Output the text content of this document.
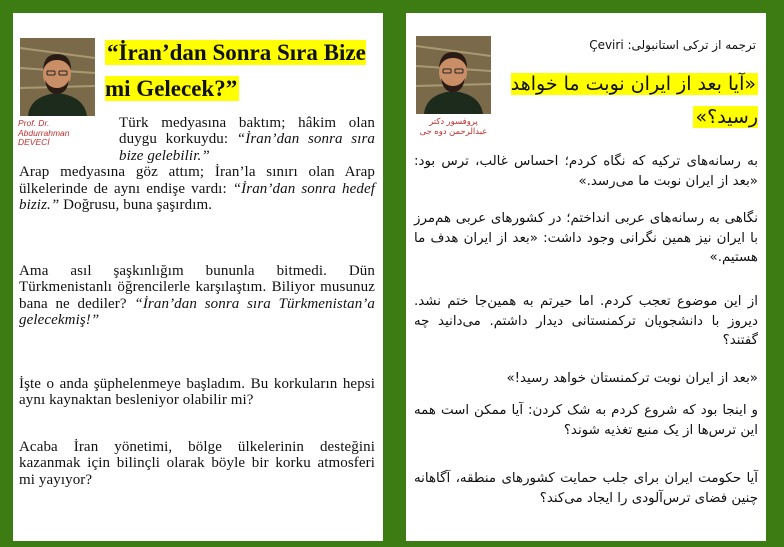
Prof. Dr.
Abdurrahman
DEVECİ
“İran’dan Sonra Sıra Bize mi Gelecek?”
Türk medyasına baktım; hâkim olan duygu korkuydu: “İran’dan sonra sıra bize gelebilir.”
Arap medyasına göz attım; İran’la sınırı olan Arap ülkelerinde de aynı endişe vardı: “İran’dan sonra hedef biziz.” Doğrusu, buna şaşırdım.
Ama asıl şaşkınlığım bununla bitmedi. Dün Türkmenistanlı öğrencilerle karşılaştım. Biliyor musunuz bana ne dediler? “İran’dan sonra sıra Türkmenistan’a gelecekmiş!”
İşte o anda şüphelenmeye başladım. Bu korkuların hepsi aynı kaynaktan besleniyor olabilir mi?
Acaba İran yönetimi, bölge ülkelerinin desteğini kazanmak için bilinçli olarak böyle bir korku atmosferi mi yayıyor?
ترجمه از ترکی استانبولی: Çeviri
پروفسور دکتر
عبدالرحمن دوه جی
«آیا بعد از ایران نوبت ما خواهد رسید؟»
به رسانه‌های ترکیه که نگاه کردم؛ احساس غالب، ترس بود: «بعد از ایران نوبت ما می‌رسد.»
نگاهی به رسانه‌های عربی انداختم؛ در کشورهای عربی هم‌مرز با ایران نیز همین نگرانی وجود داشت: «بعد از ایران هدف ما هستیم.»
از این موضوع تعجب کردم. اما حیرتم به همین‌جا ختم نشد. دیروز با دانشجویان ترکمنستانی دیدار داشتم. می‌دانید چه گفتند؟
«بعد از ایران نوبت ترکمنستان خواهد رسید!»
و اینجا بود که شروع کردم به شک کردن: آیا ممکن است همه این ترس‌ها از یک منبع تغذیه شوند؟
آیا حکومت ایران برای جلب حمایت کشورهای منطقه، آگاهانه چنین فضای ترس‌آلودی را ایجاد می‌کند؟
